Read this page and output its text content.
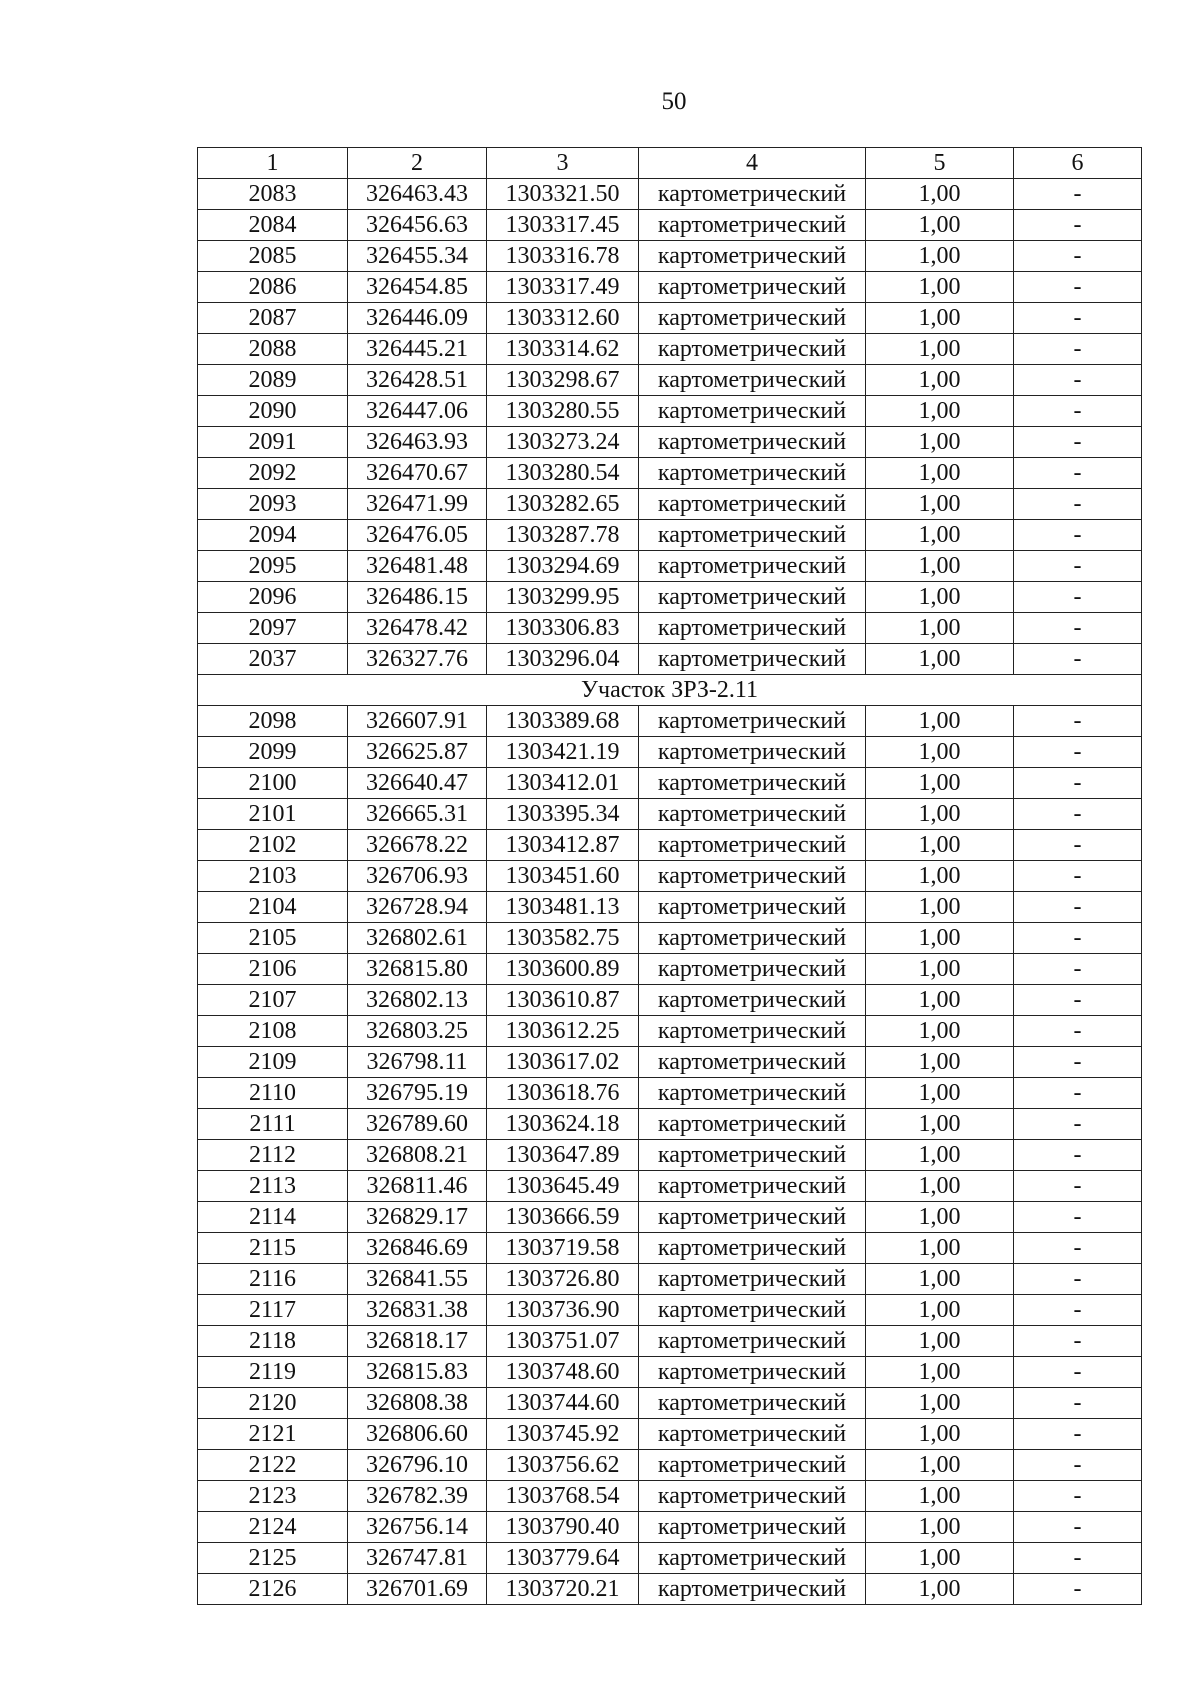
50
1	2	3	4	5	6
2083	326463.43	1303321.50	картометрический	1,00	-
2084	326456.63	1303317.45	картометрический	1,00	-
2085	326455.34	1303316.78	картометрический	1,00	-
2086	326454.85	1303317.49	картометрический	1,00	-
2087	326446.09	1303312.60	картометрический	1,00	-
2088	326445.21	1303314.62	картометрический	1,00	-
2089	326428.51	1303298.67	картометрический	1,00	-
2090	326447.06	1303280.55	картометрический	1,00	-
2091	326463.93	1303273.24	картометрический	1,00	-
2092	326470.67	1303280.54	картометрический	1,00	-
2093	326471.99	1303282.65	картометрический	1,00	-
2094	326476.05	1303287.78	картометрический	1,00	-
2095	326481.48	1303294.69	картометрический	1,00	-
2096	326486.15	1303299.95	картометрический	1,00	-
2097	326478.42	1303306.83	картометрический	1,00	-
2037	326327.76	1303296.04	картометрический	1,00	-
Участок ЗРЗ-2.11					
2098	326607.91	1303389.68	картометрический	1,00	-
2099	326625.87	1303421.19	картометрический	1,00	-
2100	326640.47	1303412.01	картометрический	1,00	-
2101	326665.31	1303395.34	картометрический	1,00	-
2102	326678.22	1303412.87	картометрический	1,00	-
2103	326706.93	1303451.60	картометрический	1,00	-
2104	326728.94	1303481.13	картометрический	1,00	-
2105	326802.61	1303582.75	картометрический	1,00	-
2106	326815.80	1303600.89	картометрический	1,00	-
2107	326802.13	1303610.87	картометрический	1,00	-
2108	326803.25	1303612.25	картометрический	1,00	-
2109	326798.11	1303617.02	картометрический	1,00	-
2110	326795.19	1303618.76	картометрический	1,00	-
2111	326789.60	1303624.18	картометрический	1,00	-
2112	326808.21	1303647.89	картометрический	1,00	-
2113	326811.46	1303645.49	картометрический	1,00	-
2114	326829.17	1303666.59	картометрический	1,00	-
2115	326846.69	1303719.58	картометрический	1,00	-
2116	326841.55	1303726.80	картометрический	1,00	-
2117	326831.38	1303736.90	картометрический	1,00	-
2118	326818.17	1303751.07	картометрический	1,00	-
2119	326815.83	1303748.60	картометрический	1,00	-
2120	326808.38	1303744.60	картометрический	1,00	-
2121	326806.60	1303745.92	картометрический	1,00	-
2122	326796.10	1303756.62	картометрический	1,00	-
2123	326782.39	1303768.54	картометрический	1,00	-
2124	326756.14	1303790.40	картометрический	1,00	-
2125	326747.81	1303779.64	картометрический	1,00	-
2126	326701.69	1303720.21	картометрический	1,00	-
